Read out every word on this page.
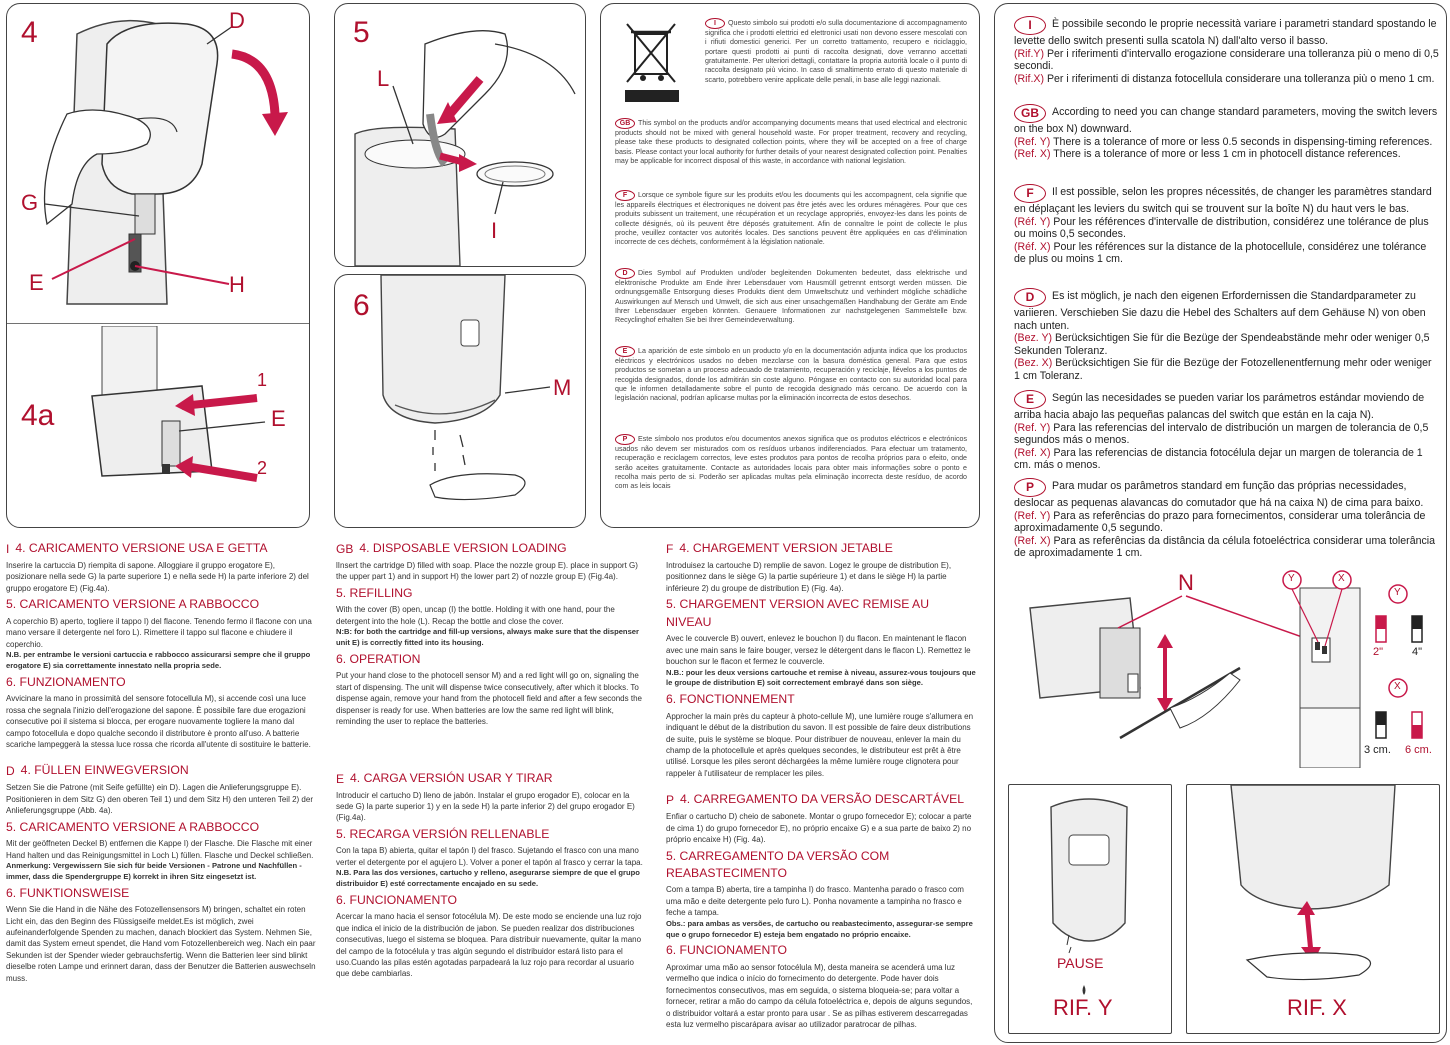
4	D
G
E	H
4a
1
E
2
5
L
I
6
M
I Questo simbolo sui prodotti e/o sulla documentazione di accompagnamento significa che i prodotti elettrici ed elettronici usati non devono essere mescolati con i rifiuti domestici generici. Per un corretto trattamento, recupero e riciclaggio, portare questi prodotti ai punti di raccolta designati, dove verranno accettati gratuitamente. Per ulteriori dettagli, contattare la propria autorità locale o il punto di raccolta designato più vicino. In caso di smaltimento errato di questo materiale di scarto, potrebbero venire applicate delle penali, in base alle leggi nazionali.
GB This symbol on the products and/or accompanying documents means that used electrical and electronic products should not be mixed with general household waste. For proper treatment, recovery and recycling, please take these products to designated collection points, where they will be accepted on a free of charge basis. Please contact your local authority for further details of your nearest designated collection point. Penalties may be applicable for incorrect disposal of this waste, in accordance with national legislation.
F Lorsque ce symbole figure sur les produits et/ou les documents qui les accompagnent, cela signifie que les appareils électriques et électroniques ne doivent pas être jetés avec les ordures ménagères. Pour que ces produits subissent un traitement, une récupération et un recyclage appropriés, envoyez-les dans les points de collecte désignés, où ils peuvent être déposés gratuitement. Afin de connaître le point de collecte le plus proche, veuillez contacter vos autorités locales. Des sanctions peuvent être appliquées en cas d'élimination incorrecte de ces déchets, conformément à la législation nationale.
D Dies Symbol auf Produkten und/oder begleitenden Dokumenten bedeutet, dass elektrische und elektronische Produkte am Ende ihrer Lebensdauer vom Hausmüll getrennt entsorgt werden müssen. Die ordnungsgemäße Entsorgung dieses Produkts dient dem Umweltschutz und verhindert mögliche schädliche Auswirkungen auf Mensch und Umwelt, die sich aus einer unsachgemäßen Handhabung der Geräte am Ende Ihrer Lebensdauer ergeben könnten. Genauere Informationen zur nachstgelegenen Sammelstelle bzw. Recyclinghof erhalten Sie bei Ihrer Gemeindeverwaltung.
E La aparición de este simbolo en un producto y/o en la documentación adjunta indica que los productos eléctricos y electrónicos usados no deben mezclarse con la basura doméstica general. Para que estos productos se sometan a un proceso adecuado de tratamiento, recuperación y reciclaje, llévelos a los puntos de recogida designados, donde los admitirán sin coste alguno. Póngase en contacto con su autoridad local para que le informen detalladamente sobre el punto de recogida designado más cercano. De acuerdo con la legislación nacional, podrían aplicarse multas por la eliminación incorrecta de estos desechos.
P Este símbolo nos produtos e/ou documentos anexos significa que os produtos eléctricos e electrónicos usados não devem ser misturados com os resíduos urbanos indiferenciados. Para efectuar um tratamento, recuperação e reciclagem correctos, leve estes produtos para pontos de recolha próprios para o efeito, onde serão aceites gratuitamente. Contacte as autoridades locais para obter mais informações sobre o ponto e recolha mais perto de si. Poderão ser aplicadas multas pela eliminação incorrecta deste resíduo, de acordo com as leis locais
I È possibile secondo le proprie necessità variare i parametri standard spostando le levette dello switch presenti sulla scatola N) dall'alto verso il basso.
(Rif.Y) Per i riferimenti d'intervallo erogazione considerare una tolleranza più o meno di 0,5 secondi.
(Rif.X) Per i riferimenti di distanza fotocellula considerare una tolleranza più o meno 1 cm.
GB According to need you can change standard parameters, moving the switch levers on the box N) downward.
(Ref. Y) There is a tolerance of more or less 0.5 seconds in dispensing-timing references.
(Ref. X) There is a tolerance of more or less 1 cm in photocell distance references.
F Il est possible, selon les propres nécessités, de changer les paramètres standard en déplaçant les leviers du switch qui se trouvent sur la boîte N) du haut vers le bas.
(Réf. Y) Pour les références d'intervalle de distribution, considérez une tolérance de plus ou moins 0,5 secondes.
(Réf. X) Pour les références sur la distance de la photocellule, considérez une tolérance de plus ou moins 1 cm.
D Es ist möglich, je nach den eigenen Erfordernissen die Standardparameter zu variieren. Verschieben Sie dazu die Hebel des Schalters auf dem Gehäuse N) von oben nach unten.
(Bez. Y) Berücksichtigen Sie für die Bezüge der Spendeabstände mehr oder weniger 0,5 Sekunden Toleranz.
(Bez. X) Berücksichtigen Sie für die Bezüge der Fotozellenentfernung mehr oder weniger 1 cm Toleranz.
E Según las necesidades se pueden variar los parámetros estándar moviendo de arriba hacia abajo las pequeñas palancas del switch que están en la caja N).
(Ref. Y) Para las referencias del intervalo de distribución un margen de tolerancia de 0,5 segundos más o menos.
(Ref. X) Para las referencias de distancia fotocélula dejar un margen de tolerancia de 1 cm. más o menos.
P Para mudar os parâmetros standard em função das próprias necessidades, deslocar as pequenas alavancas do comutador que há na caixa N) de cima para baixo.
(Ref. Y) Para as referências do prazo para fornecimentos, considerar uma tolerância de aproximadamente 0,5 segundo.
(Ref. X) Para as referências da distância da célula fotoeléctrica considerar uma tolerância de aproximadamente 1 cm.
N	Y	X
Y
X
2"	4"
3 cm. 6 cm.
PAUSE
RIF. Y	RIF. X
I 4. CARICAMENTO VERSIONE USA E GETTA

Inserire la cartuccia D) riempita di sapone. Alloggiare il gruppo erogatore E), posizionare nella sede G) la parte superiore 1) e nella sede H) la parte inferiore 2) del gruppo erogatore E) (Fig.4a).

5. CARICAMENTO VERSIONE A RABBOCCO

A coperchio B) aperto, togliere il tappo I) del flacone. Tenendo fermo il flacone con una mano versare il detergente nel foro L). Rimettere il tappo sul flacone e chiudere il coperchio.

N.B. per entrambe le versioni cartuccia e rabbocco assicurarsi sempre che il gruppo erogatore E) sia correttamente innestato nella propria sede.

6. FUNZIONAMENTO

Avvicinare la mano in prossimità del sensore fotocellula M), si accende così una luce rossa che segnala l'inizio dell'erogazione del sapone. È possibile fare due erogazioni consecutive poi il sistema si blocca, per erogare nuovamente togliere la mano dal campo fotocellula e dopo qualche secondo il distributore è pronto all'uso. A batterie scariche lampeggerà la stessa luce rossa che ricorda all'utente di sostituire le batterie.

D 4. FÜLLEN EINWEGVERSION

Setzen Sie die Patrone (mit Seife gefüllte) ein D). Lagen die Anlieferungsgruppe E). Positionieren in dem Sitz G) den oberen Teil 1) und dem Sitz H) den unteren Teil 2) der Anlieferungsgruppe (Abb. 4a).

5. CARICAMENTO VERSIONE A RABBOCCO

Mit der geöffneten Deckel B) entfernen die Kappe I) der Flasche. Die Flasche mit einer Hand halten und das Reinigungsmittel in Loch L) füllen. Flasche und Deckel schließen.

Anmerkung: Vergewissern Sie sich für beide Versionen - Patrone und Nachfüllen - immer, dass die Spendergruppe E) korrekt in ihren Sitz eingesetzt ist.

6. FUNKTIONSWEISE

Wenn Sie die Hand in die Nähe des Fotozellensensors M) bringen, schaltet ein roten Licht ein, das den Beginn des Flüssigseife meldet.Es ist möglich, zwei aufeinanderfolgende Spenden zu machen, danach blockiert das System. Nehmen Sie, damit das System erneut spendet, die Hand vom Fotozellenbereich weg. Nach ein paar Sekunden ist der Spender wieder gebrauchsfertig. Wenn die Batterien leer sind blinkt dieselbe roten Lampe und erinnert daran, dass der Benutzer die Batterien auswechseln muss.

GB 4. DISPOSABLE VERSION LOADING

lInsert the cartridge D) filled with soap. Place the nozzle group E). place in support G) the upper part 1) and in support H) the lower part 2) of nozzle group E) (Fig.4a).

5. REFILLING

With the cover (B) open, uncap (I) the bottle. Holding it with one hand, pour the detergent into the hole (L). Recap the bottle and close the cover.

N:B: for both the cartridge and fill-up versions, always make sure that the dispenser unit E) is correctly fitted into its housing.

6. OPERATION

Put your hand close to the photocell sensor M) and a red light will go on, signaling the start of dispensing. The unit will dispense twice consecutively, after which it blocks. To dispense again, remove your hand from the photocell field and after a few seconds the dispenser is ready for use. When batteries are low the same red light will blink, reminding the user to replace the batteries.

E 4. CARGA VERSIÓN USAR Y TIRAR

Introducir el cartucho D) lleno de jabón. Instalar el grupo erogador E), colocar en la sede G) la parte superior 1) y en la sede H) la parte inferior 2) del grupo erogador E) (Fig.4a).

5. RECARGA VERSIÓN RELLENABLE

Con la tapa B) abierta, quitar el tapón I) del frasco. Sujetando el frasco con una mano verter el detergente por el agujero L). Volver a poner el tapón al frasco y cerrar la tapa.

N.B. Para las dos versiones, cartucho y relleno, asegurarse siempre de que el grupo distribuidor E) esté correctamente encajado en su sede.

6. FUNCIONAMENTO

Acercar la mano hacia el sensor fotocélula M). De este modo se enciende una luz rojo que indica el inicio de la distribución de jabon. Se pueden realizar dos distribuciones consecutivas, luego el sistema se bloquea. Para distribuir nuevamente, quitar la mano del campo de la fotocélula y tras algún segundo el distribuidor estará listo para el uso.Cuando las pilas estén agotadas parpadeará la luz rojo para recordar al usuario que debe cambiarlas.

F 4. CHARGEMENT VERSION JETABLE

Introduisez la cartouche D) remplie de savon. Logez le groupe de distribution E), positionnez dans le siège G) la partie supérieure 1) et dans le siège H) la partie inférieure 2) du groupe de distribution E) (Fig. 4a).

5. CHARGEMENT VERSION AVEC REMISE AU NIVEAU

Avec le couvercle B) ouvert, enlevez le bouchon I) du flacon. En maintenant le flacon avec une main sans le faire bouger, versez le détergent dans le flacon L). Remettez le bouchon sur le flacon et fermez le couvercle.

N.B.: pour les deux versions cartouche et remise à niveau, assurez-vous toujours que le groupe de distribution E) soit correctement embrayé dans son siège.

6. FONCTIONNEMENT

Approcher la main près du capteur à photo-cellule M), une lumière rouge s'allumera en indiquant le début de la distribution du savon. Il est possible de faire deux distributions de suite, puis le système se bloque. Pour distribuer de nouveau, enlever la main du champ de la photocellule et après quelques secondes, le distributeur est prêt à être utilisé. Lorsque les piles seront déchargées la même lumière rouge clignotera pour rappeler à l'utilisateur de remplacer les piles.

P 4. CARREGAMENTO DA VERSÃO DESCARTÁVEL

Enfiar o cartucho D) cheio de sabonete. Montar o grupo fornecedor E); colocar a parte de cima 1) do grupo fornecedor E), no próprio encaixe G) e a sua parte de baixo 2) no próprio encaixe H) (Fig. 4a).

5. CARREGAMENTO DA VERSÃO COM REABASTECIMENTO

Com a tampa B) aberta, tire a tampinha I) do frasco. Mantenha parado o frasco com uma mão e deite detergente pelo furo L). Ponha novamente a tampinha no frasco e feche a tampa.

Obs.: para ambas as versões, de cartucho ou reabastecimento, assegurar-se sempre que o grupo fornecedor E) esteja bem engatado no próprio encaixe.

6. FUNCIONAMENTO

Aproximar uma mão ao sensor fotocélula M), desta maneira se acenderá uma luz vermelho que indica o início do fornecimento do detergente. Pode haver dois fornecimentos consecutivos, mas em seguida, o sistema bloqueia-se; para voltar a fornecer, retirar a mão do campo da célula fotoeléctrica e, depois de alguns segundos, o distribuidor voltará a estar pronto para usar . Se as pilhas estiverem descarregadas esta luz vermelho piscarápara avisar ao utilizador paratrocar de pilhas.
